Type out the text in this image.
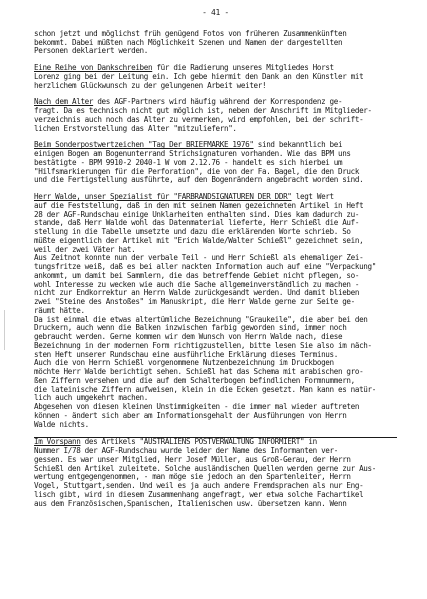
- 41 -
schon jetzt und möglichst früh genügend Fotos von früheren Zusammenkünften
bekommt. Dabei müßten nach Möglichkeit Szenen und Namen der dargestellten
Personen deklariert werden.
Eine Reihe von Dankschreiben für die Radierung unseres Mitgliedes Horst
Lorenz ging bei der Leitung ein. Ich gebe hiermit den Dank an den Künstler mit
herzlichem Glückwunsch zu der gelungenen Arbeit weiter!
Nach dem Alter des AGF-Partners wird häufig während der Korrespondenz ge-
fragt. Da es technisch nicht gut möglich ist, neben der Anschrift im Mitglieder-
verzeichnis auch noch das Alter zu vermerken, wird empfohlen, bei der schrift-
lichen Erstvorstellung das Alter "mitzuliefern".
Beim Sonderpostwertzeichen "Tag Der BRIEFMARKE 1976" sind bekanntlich bei
einigen Bogen am Bogenunterrand Strichsignaturen vorhanden. Wie das BPM uns
bestätigte - BPM 9910-2 2040-1 W vom 2.12.76 - handelt es sich hierbei um
"Hilfsmarkierungen für die Perforation", die von der Fa. Bagel, die den Druck
und die Fertigstellung ausführte, auf den Bogenrändern angebracht worden sind.
Herr Walde, unser Spezialist für "FARBRANDSIGNATUREN DER DDR" legt Wert
auf die Feststellung, daß in den mit seinem Namen gezeichneten Artikel in Heft
28 der AGF-Rundschau einige Unklarheiten enthalten sind. Dies kam dadurch zu-
stande, daß Herr Walde wohl das Datenmaterial lieferte, Herr Schießl die Auf-
stellung in die Tabelle umsetzte und dazu die erklärenden Worte schrieb. So
müßte eigentlich der Artikel mit "Erich Walde/Walter Schießl" gezeichnet sein,
weil der zwei Väter hat.
Aus Zeitnot konnte nun der verbale Teil - und Herr Schießl als ehemaliger Zei-
tungsfritze weiß, daß es bei aller nackten Information auch auf eine "Verpackung"
ankommt, um damit bei Sammlern, die das betreffende Gebiet nicht pflegen, so-
wohl Interesse zu wecken wie auch die Sache allgemeinverständlich zu machen -
nicht zur Endkorrektur an Herrn Walde zurückgesandt werden. Und damit blieben
zwei "Steine des Anstoßes" im Manuskript, die Herr Walde gerne zur Seite ge-
räumt hätte.
Da ist einmal die etwas altertümliche Bezeichnung "Graukeile", die aber bei den
Druckern, auch wenn die Balken inzwischen farbig geworden sind, immer noch
gebraucht werden. Gerne kommen wir dem Wunsch von Herrn Walde nach, diese
Bezeichnung in der modernen Form richtigzustellen, bitte lesen Sie also im näch-
sten Heft unserer Rundschau eine ausführliche Erklärung dieses Terminus.
Auch die von Herrn Schießl vorgenommene Nutzenbezeichnung im Druckbogen
möchte Herr Walde berichtigt sehen. Schießl hat das Schema mit arabischen gro-
ßen Ziffern versehen und die auf dem Schalterbogen befindlichen Formnummern,
die lateinische Ziffern aufweisen, klein in die Ecken gesetzt. Man kann es natür-
lich auch umgekehrt machen.
Abgesehen von diesen kleinen Unstimmigkeiten - die immer mal wieder auftreten
können - ändert sich aber am Informationsgehalt der Ausführungen von Herrn
Walde nichts.
Im Vorspann des Artikels "AUSTRALIENS POSTVERWALTUNG INFORMIERT" in
Nummer I/78 der AGF-Rundschau wurde leider der Name des Informanten ver-
gessen. Es war unser Mitglied, Herr Josef Müller, aus Groß-Gerau, der Herrn
Schießl den Artikel zuleitete. Solche ausländischen Quellen werden gerne zur Aus-
wertung entgegengenommen, - man möge sie jedoch an den Spartenleiter, Herrn
Vogel, Stuttgart,senden. Und weil es ja auch andere Fremdsprachen als nur Eng-
lisch gibt, wird in diesem Zusammenhang angefragt, wer etwa solche Fachartikel
aus dem Französischen,Spanischen, Italienischen usw. übersetzen kann. Wenn
